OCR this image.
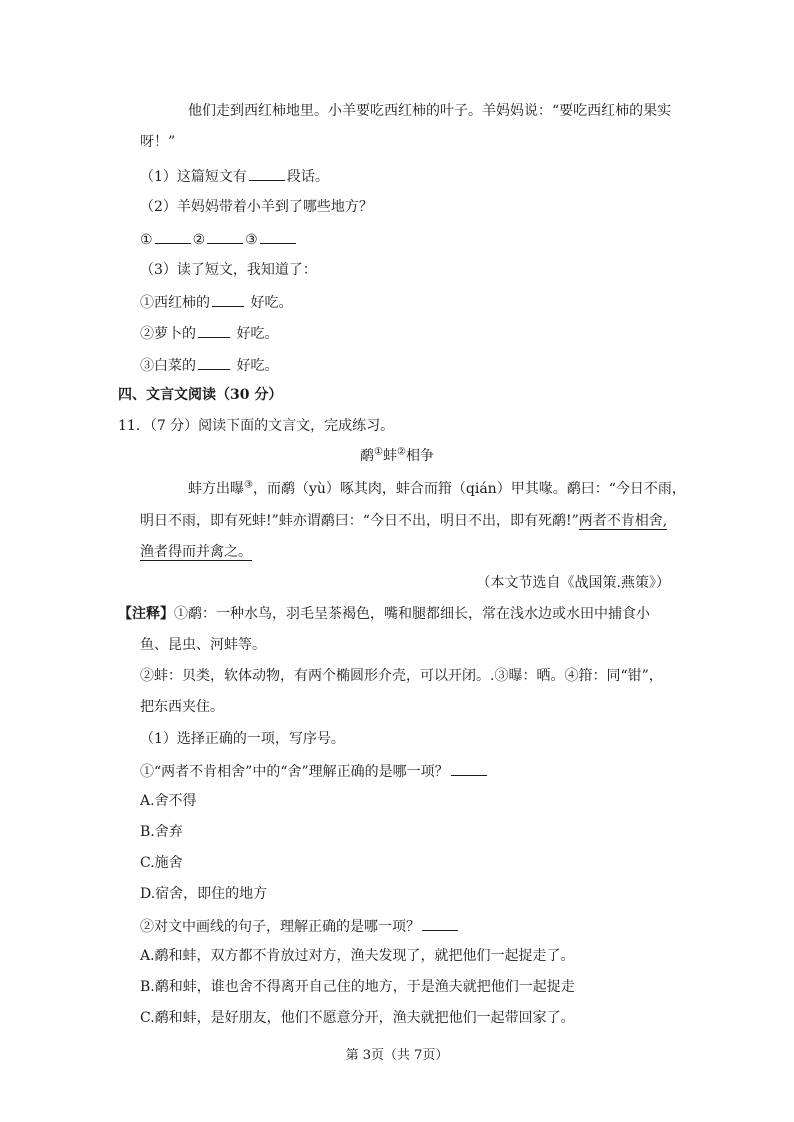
他们走到西红柿地里。小羊要吃西红柿的叶子。羊妈妈说：“要吃西红柿的果实
呀！”
（1）这篇短文有	段话。
（2）羊妈妈带着小羊到了哪些地方？
①	②	③
（3）读了短文，我知道了：
①西红柿的	好吃。
②萝卜的	好吃。
③白菜的	好吃。
四、文言文阅读（30 分）
11．（7 分）阅读下面的文言文，完成练习。
鹬①蚌②相争
蚌方出曝③，而鹬（yù）啄其肉，蚌合而箝（qián）甲其喙。鹬曰：“今日不雨，
明日不雨，即有死蚌!”蚌亦谓鹬曰：“今日不出，明日不出，即有死鹬!”两者不肯相舍,
渔者得而并禽之。
（本文节选自《战国策.燕策》）
【注释】①鹬：一种水鸟，羽毛呈茶褐色，嘴和腿都细长，常在浅水边或水田中捕食小
鱼、昆虫、河蚌等。
②蚌：贝类，软体动物，有两个椭圆形介壳，可以开闭。.③曝：晒。④箝：同“钳”，
把东西夹住。
（1）选择正确的一项，写序号。
①“两者不肯相舍”中的“舍”理解正确的是哪一项？
A.舍不得
B.舍弃
C.施舍
D.宿舍，即住的地方
②对文中画线的句子，理解正确的是哪一项？
A.鹬和蚌，双方都不肯放过对方，渔夫发现了，就把他们一起捉走了。
B.鹬和蚌，谁也舍不得离开自己住的地方，于是渔夫就把他们一起捉走
C.鹬和蚌，是好朋友，他们不愿意分开，渔夫就把他们一起带回家了。
第 3页（共 7页）
